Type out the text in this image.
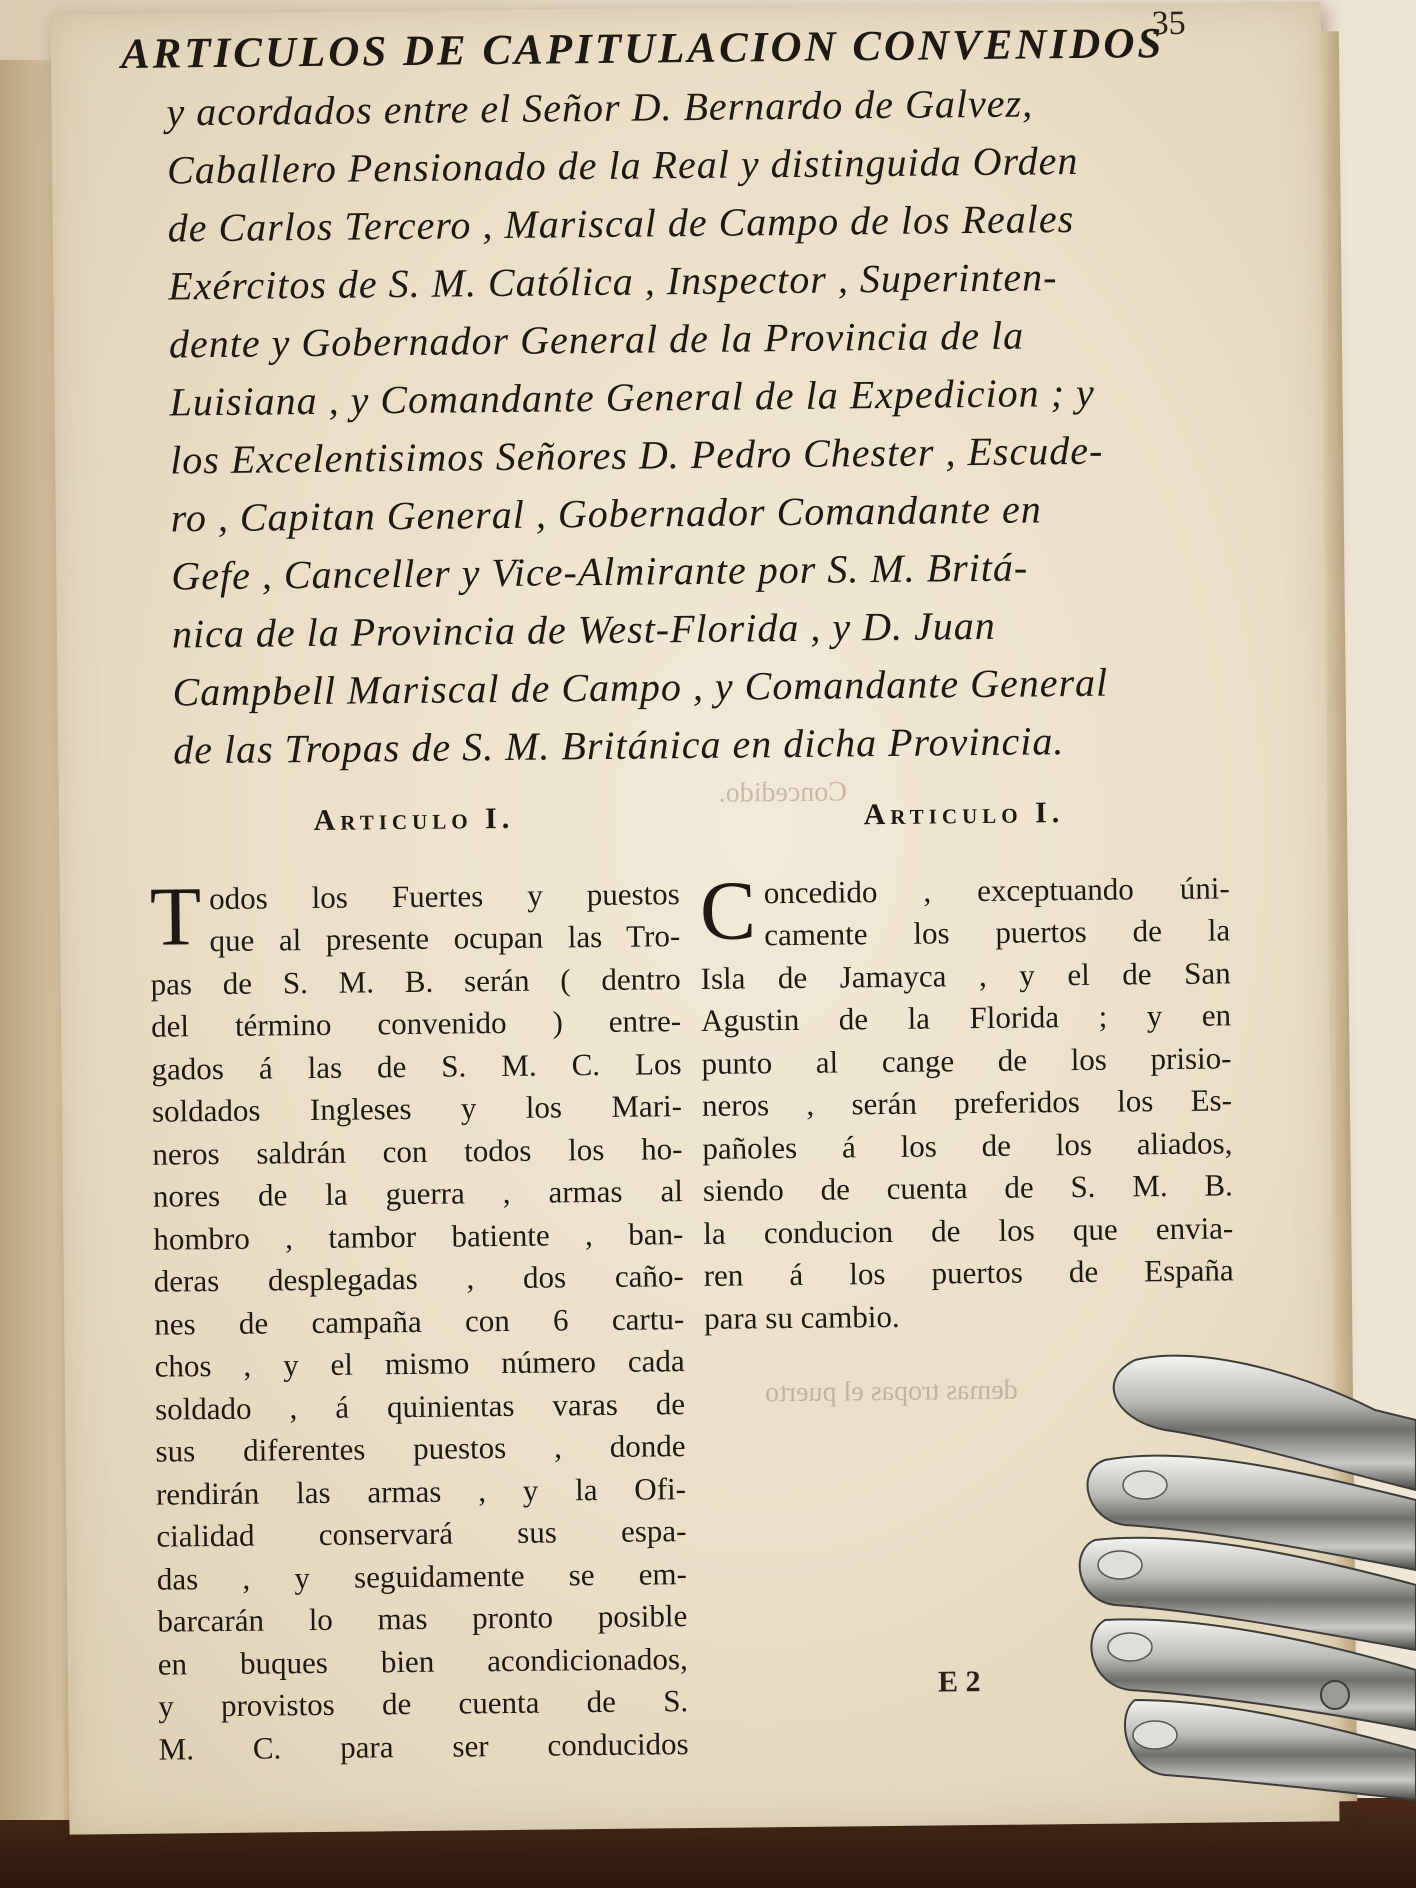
35
Concedido.
demas tropas el puerto
ARTICULOS DE CAPITULACION CONVENIDOS
y acordados entre el Señor D. Bernardo de Galvez,
Caballero Pensionado de la Real y distinguida Orden
de Carlos Tercero , Mariscal de Campo de los Reales
Exércitos de S. M. Católica , Inspector , Superinten-
dente y Gobernador General de la Provincia de la
Luisiana , y Comandante General de la Expedicion ; y
los Excelentisimos Señores D. Pedro Chester , Escude-
ro , Capitan General , Gobernador Comandante en
Gefe , Canceller y Vice-Almirante por S. M. Britá-
nica de la Provincia de West-Florida , y D. Juan
Campbell Mariscal de Campo , y Comandante General
de las Tropas de S. M. Británica en dicha Provincia.
Articulo I.
T odos los Fuertes y puestos
que al presente ocupan las Tro-
pas de S. M. B. serán ( dentro
del término convenido ) entre-
gados á las de S. M. C. Los
soldados Ingleses y los Mari-
neros saldrán con todos los ho-
nores de la guerra , armas al
hombro , tambor batiente , ban-
deras desplegadas , dos caño-
nes de campaña con 6 cartu-
chos , y el mismo número cada
soldado , á quinientas varas de
sus diferentes puestos , donde
rendirán las armas , y la Ofi-
cialidad conservará sus espa-
das , y seguidamente se em-
barcarán lo mas pronto posible
en buques bien acondicionados,
y provistos de cuenta de S.
M. C. para ser conducidos
Articulo I.
C oncedido , exceptuando úni-
camente los puertos de la
Isla de Jamayca , y el de San
Agustin de la Florida ; y en
punto al cange de los prisio-
neros , serán preferidos los Es-
pañoles á los de los aliados,
siendo de cuenta de S. M. B.
la conducion de los que envia-
ren á los puertos de España
para su cambio.
E 2
